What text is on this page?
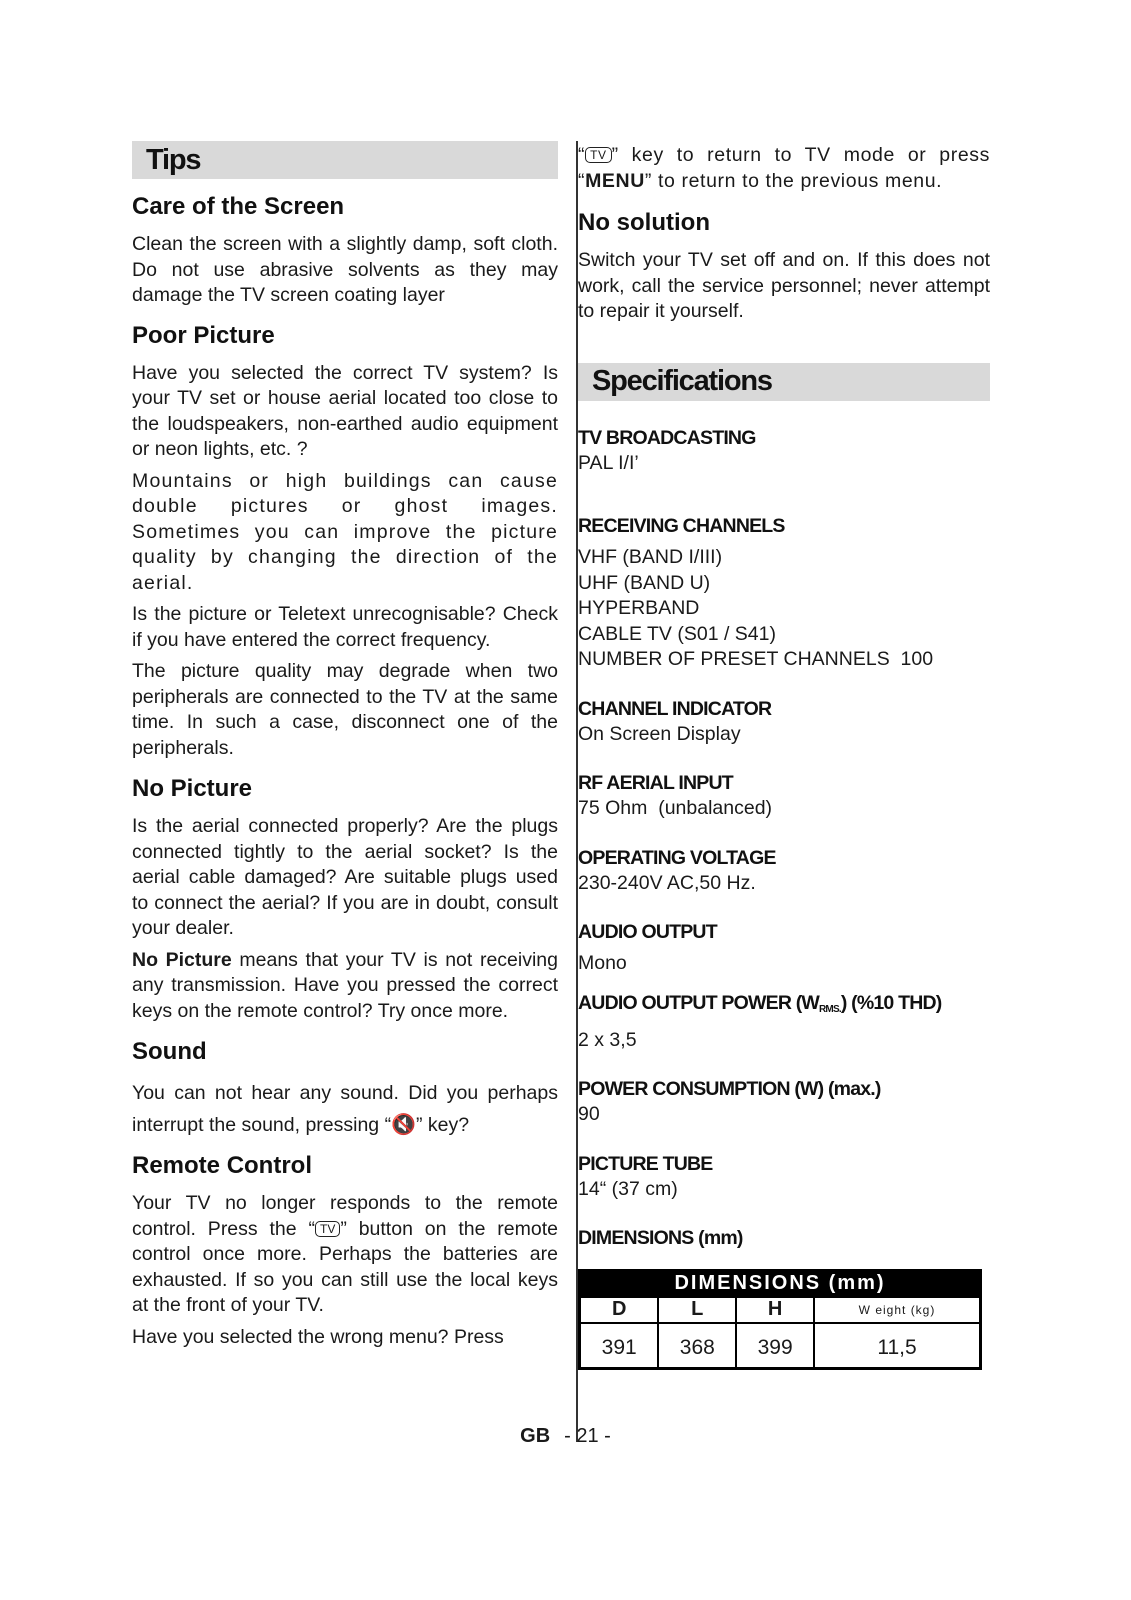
Tips
Care of the Screen

Clean the screen with a slightly damp, soft cloth. Do not use abrasive solvents as they may damage the TV screen coating layer

Poor Picture

Have you selected the correct TV system? Is your TV set or house aerial located too close to the loudspeakers, non-earthed audio equipment or neon lights, etc. ?

Mountains or high buildings can cause double pictures or ghost images. Sometimes you can improve the picture quality by changing the direction of the aerial.

Is the picture or Teletext unrecognisable? Check if you have entered the correct frequency.

The picture quality may degrade when two peripherals are connected to the TV at the same time. In such a case, disconnect one of the peripherals.

No Picture

Is the aerial connected properly? Are the plugs connected tightly to the aerial socket? Is the aerial cable damaged? Are suitable plugs used to connect the aerial? If you are in doubt, consult your dealer.

No Picture means that your TV is not receiving any transmission. Have you pressed the correct keys on the remote control? Try once more.

Sound

You can not hear any sound. Did you perhaps interrupt the sound, pressing “🔇” key?

Remote Control

Your TV no longer responds to the remote control. Press the “ TV ” button on the remote control once more. Perhaps the batteries are exhausted. If so you can still use the local keys at the front of your TV.

Have you selected the wrong menu? Press

“ TV ” key to return to TV mode or press “MENU” to return to the previous menu.

No solution

Switch your TV set off and on. If this does not work, call the service personnel; never attempt to repair it yourself.

Specifications
TV BROADCASTING
PAL I/I’
RECEIVING CHANNELS
VHF (BAND I/III)
UHF (BAND U)
HYPERBAND
CABLE TV (S01 / S41)
NUMBER OF PRESET CHANNELS  100
CHANNEL INDICATOR
On Screen Display
RF AERIAL INPUT
75 Ohm  (unbalanced)
OPERATING VOLTAGE
230-240V AC,50 Hz.
AUDIO OUTPUT
Mono
AUDIO OUTPUT POWER $(W_{RMS.})$ (%10 THD)
2 x 3,5
POWER CONSUMPTION (W) (max.)
90
PICTURE TUBE
14“ (37 cm)
DIMENSIONS (mm)
DIMENSIONS (mm)			
D	L	H	W eight (kg)
391	368	399	11,5
GB - 21 -
